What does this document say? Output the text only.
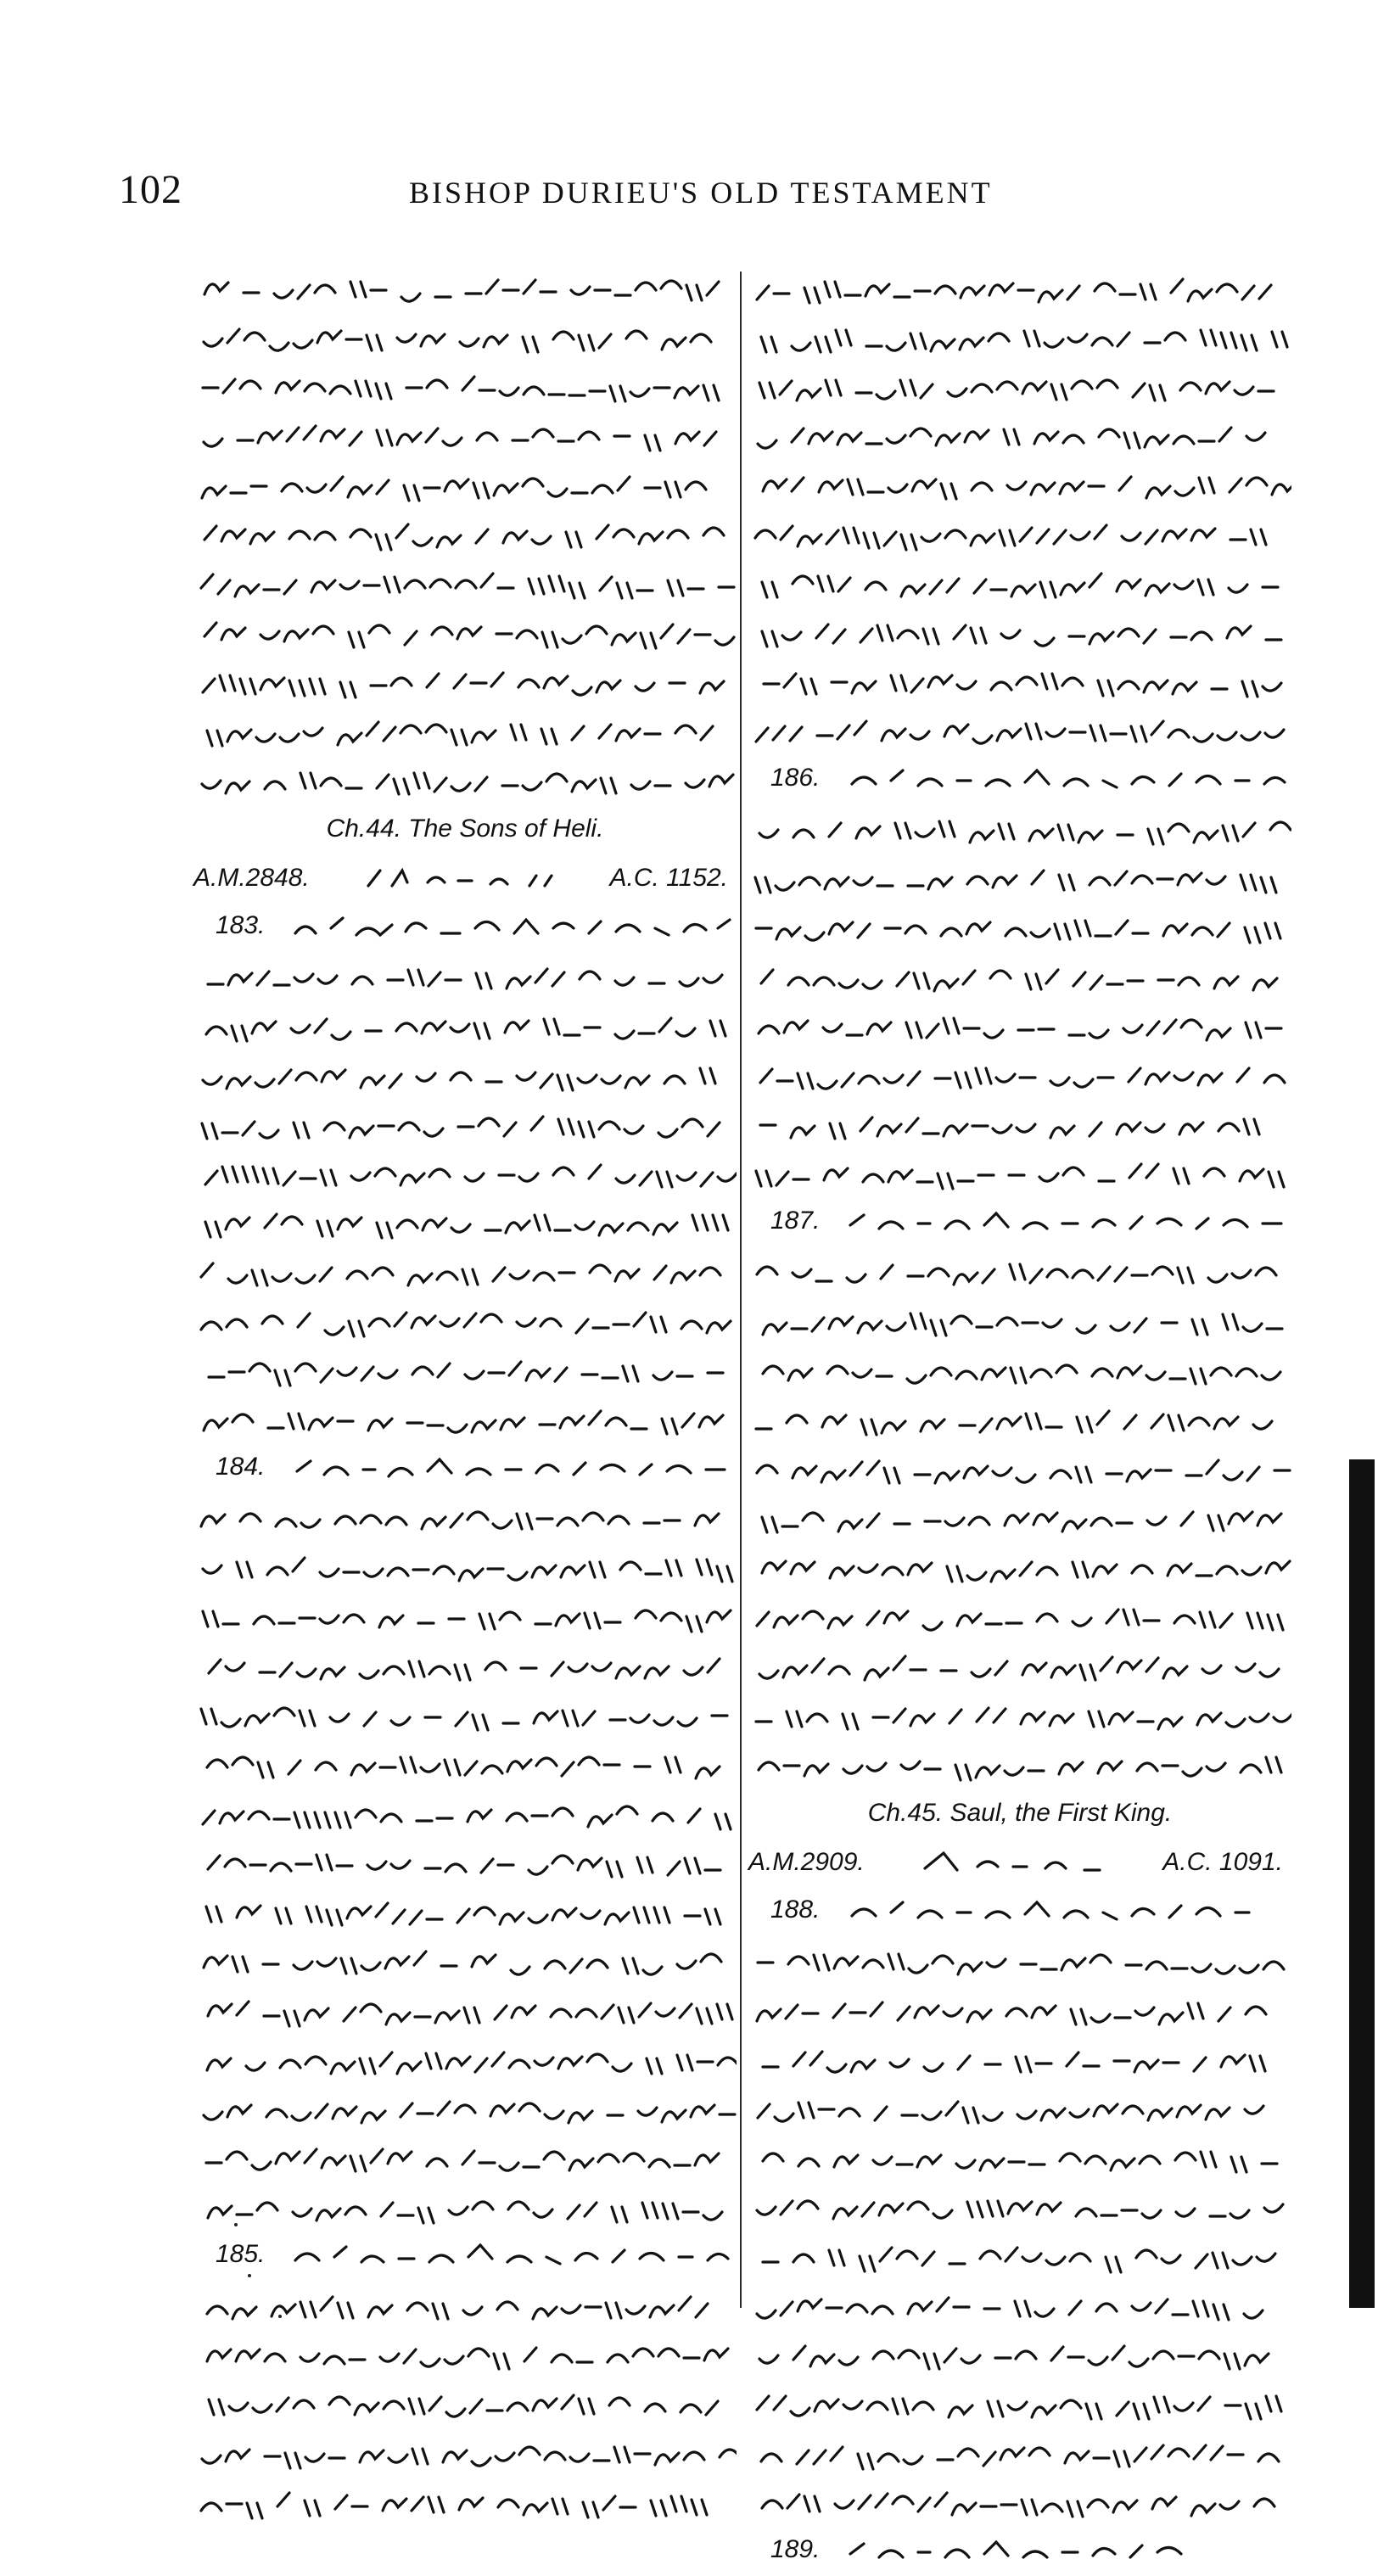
102	BISHOP DURIEU'S OLD TESTAMENT
Ch.44. The Sons of Heli.
A.M.2848.	A.C. 1152.
183.
184.
185.
186.
187.
Ch.45. Saul, the First King.
A.M.2909.	A.C. 1091.
188.
189.
